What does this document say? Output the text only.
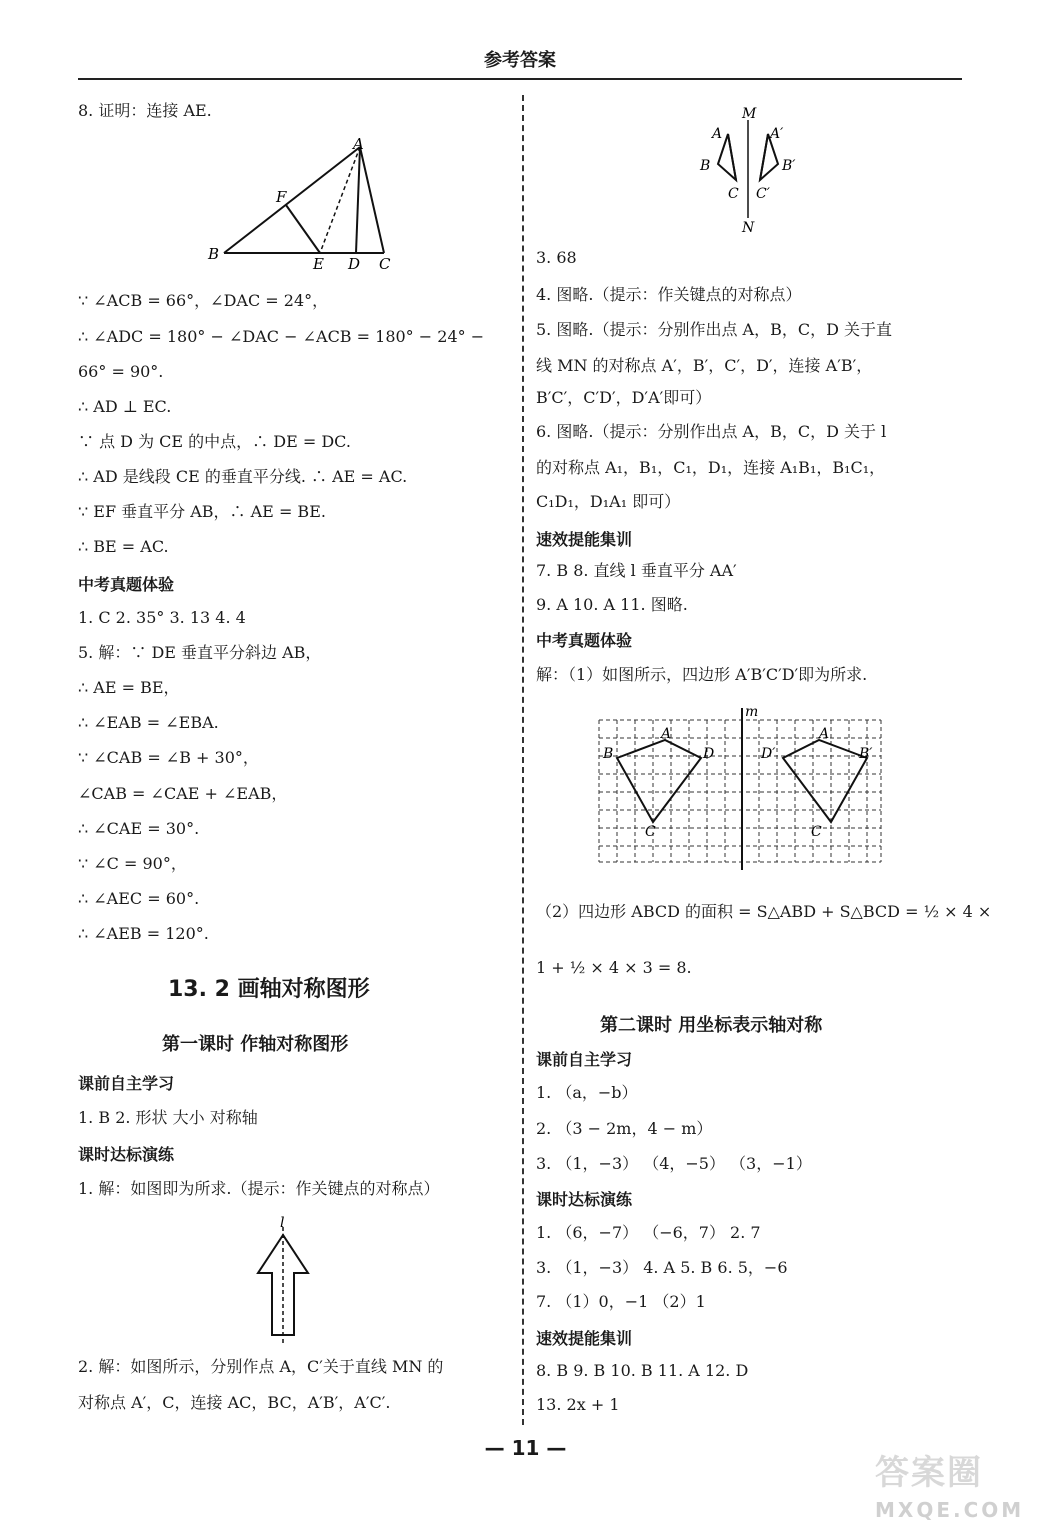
参考答案
8. 证明：连接 AE.
∵ ∠ACB = 66°，∠DAC = 24°，
∴ ∠ADC = 180° − ∠DAC − ∠ACB = 180° − 24° −
66° = 90°.
∴ AD ⊥ EC.
∵ 点 D 为 CE 的中点，∴ DE = DC.
∴ AD 是线段 CE 的垂直平分线. ∴ AE = AC.
∵ EF 垂直平分 AB，∴ AE = BE.
∴ BE = AC.
1. C 2. 35° 3. 13 4. 4
5. 解：∵ DE 垂直平分斜边 AB，
∴ AE = BE，
∴ ∠EAB = ∠EBA.
∵ ∠CAB = ∠B + 30°，
∠CAB = ∠CAE + ∠EAB，
∴ ∠CAE = 30°.
∵ ∠C = 90°，
∴ ∠AEC = 60°.
∴ ∠AEB = 120°.
1. B 2. 形状 大小 对称轴
1. 解：如图即为所求.（提示：作关键点的对称点）
2. 解：如图所示，分别作点 A，C′关于直线 MN 的
对称点 A′，C，连接 AC，BC，A′B′，A′C′.
中考真题体验
13. 2 画轴对称图形
第一课时 作轴对称图形
课前自主学习
课时达标演练
A
F
B
E D C
l
3. 68
4. 图略.（提示：作关键点的对称点）
5. 图略.（提示：分别作出点 A，B，C，D 关于直
线 MN 的对称点 A′，B′，C′，D′，连接 A′B′，
B′C′，C′D′，D′A′即可）
6. 图略.（提示：分别作出点 A，B，C，D 关于 l
的对称点 A₁，B₁，C₁，D₁，连接 A₁B₁，B₁C₁，
C₁D₁，D₁A₁ 即可）
7. B 8. 直线 l 垂直平分 AA′
9. A 10. A 11. 图略.
解：（1）如图所示，四边形 A′B′C′D′即为所求.
（2）四边形 ABCD 的面积 = S△ABD + S△BCD = ½ × 4 ×
1 + ½ × 4 × 3 = 8.
1. （a，−b）
2. （3 − 2m，4 − m）
3. （1，−3） （4，−5） （3，−1）
1. （6，−7） （−6，7） 2. 7
3. （1，−3） 4. A 5. B 6. 5，−6
7. （1）0，−1 （2）1
8. B 9. B 10. B 11. A 12. D
13. 2x + 1
速效提能集训
中考真题体验
第二课时 用坐标表示轴对称
课前自主学习
课时达标演练
速效提能集训
M
N
A	A′
B	B′
C C′
m
A
B	D
C
A
D′	B′
C
— 11 —
答案圈
MXQE.COM
